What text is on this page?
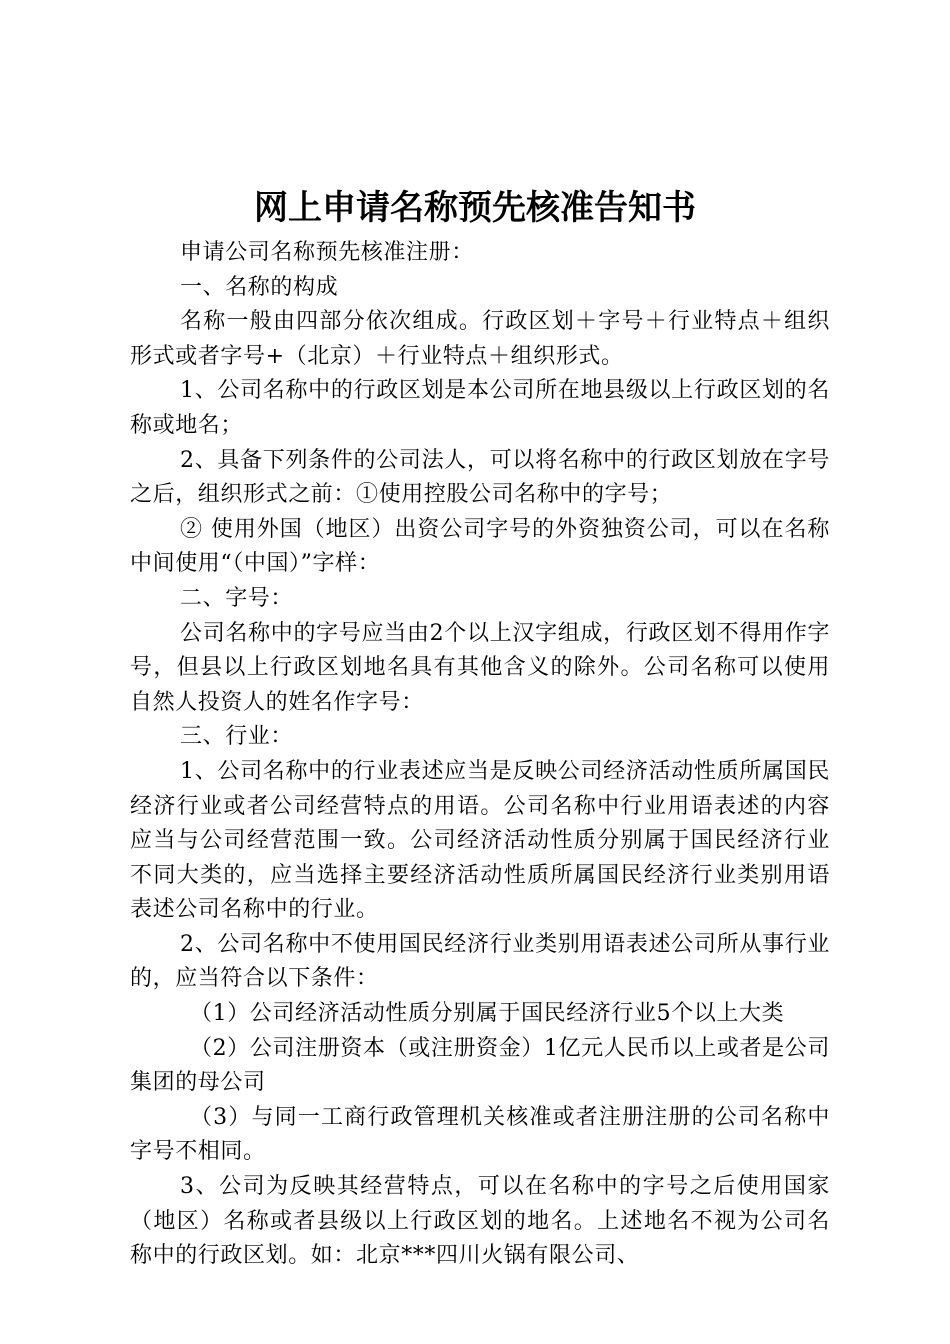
网上申请名称预先核准告知书

申请公司名称预先核准注册：

一、名称的构成

名称一般由四部分依次组成。行政区划＋字号＋行业特点＋组织形式或者字号+（北京）＋行业特点＋组织形式。

1、公司名称中的行政区划是本公司所在地县级以上行政区划的名称或地名；

2、具备下列条件的公司法人，可以将名称中的行政区划放在字号之后，组织形式之前：①使用控股公司名称中的字号；

② 使用外国（地区）出资公司字号的外资独资公司，可以在名称中间使用“（中国）”字样：

二、字号：

公司名称中的字号应当由2个以上汉字组成，行政区划不得用作字号，但县以上行政区划地名具有其他含义的除外。公司名称可以使用自然人投资人的姓名作字号：

三、行业：

1、公司名称中的行业表述应当是反映公司经济活动性质所属国民经济行业或者公司经营特点的用语。公司名称中行业用语表述的内容应当与公司经营范围一致。公司经济活动性质分别属于国民经济行业不同大类的，应当选择主要经济活动性质所属国民经济行业类别用语表述公司名称中的行业。

2、公司名称中不使用国民经济行业类别用语表述公司所从事行业的，应当符合以下条件：

（1）公司经济活动性质分别属于国民经济行业5个以上大类

（2）公司注册资本（或注册资金）1亿元人民币以上或者是公司集团的母公司

（3）与同一工商行政管理机关核准或者注册注册的公司名称中字号不相同。

3、公司为反映其经营特点，可以在名称中的字号之后使用国家（地区）名称或者县级以上行政区划的地名。上述地名不视为公司名称中的行政区划。如：北京***四川火锅有限公司、
